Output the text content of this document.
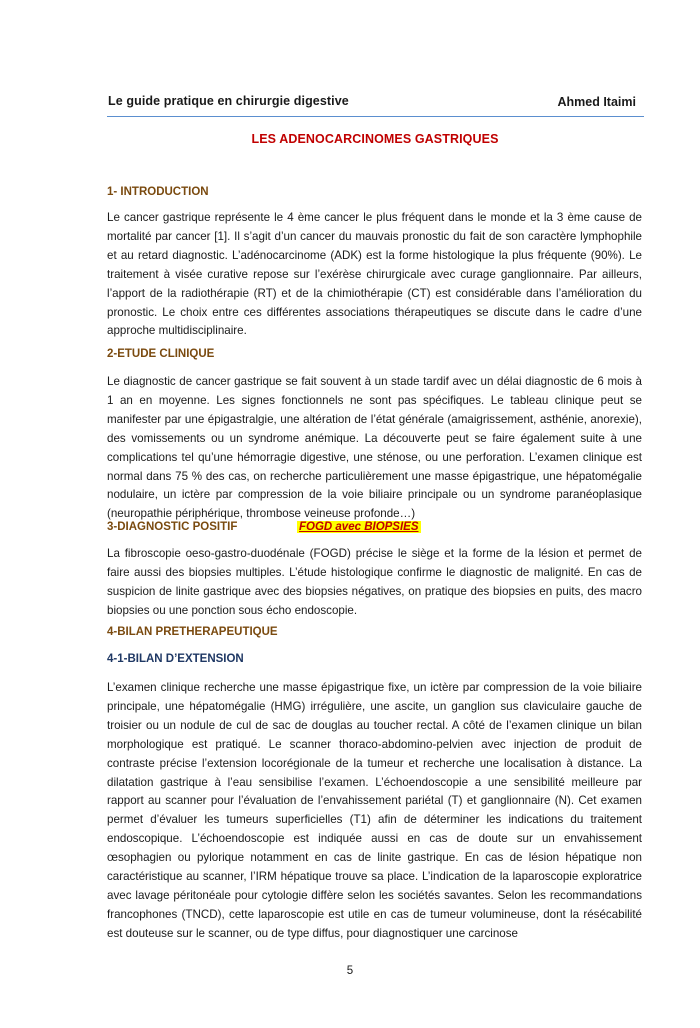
Le guide pratique en chirurgie digestive	Ahmed Itaimi
LES ADENOCARCINOMES GASTRIQUES
1- INTRODUCTION

Le cancer gastrique représente le 4 ème cancer le plus fréquent dans le monde et la 3 ème cause de mortalité par cancer [1]. Il s’agit d’un cancer du mauvais pronostic du fait de son caractère lymphophile et au retard diagnostic. L’adénocarcinome (ADK) est la forme histologique la plus fréquente (90%). Le traitement à visée curative repose sur l’exérèse chirurgicale avec curage ganglionnaire. Par ailleurs, l’apport de la radiothérapie (RT) et de la chimiothérapie (CT) est considérable dans l’amélioration du pronostic. Le choix entre ces différentes associations thérapeutiques se discute dans le cadre d’une approche multidisciplinaire.

2-ETUDE CLINIQUE

Le diagnostic de cancer gastrique se fait souvent à un stade tardif avec un délai diagnostic de 6 mois à 1 an en moyenne. Les signes fonctionnels ne sont pas spécifiques. Le tableau clinique peut se manifester par une épigastralgie, une altération de l’état générale (amaigrissement, asthénie, anorexie), des vomissements ou un syndrome anémique. La découverte peut se faire également suite à une complications tel qu’une hémorragie digestive, une sténose, ou une perforation. L’examen clinique est normal dans 75 % des cas, on recherche particulièrement une masse épigastrique, une hépatomégalie nodulaire, un ictère par compression de la voie biliaire principale ou un syndrome paranéoplasique (neuropathie périphérique, thrombose veineuse profonde…)

3-DIAGNOSTIC POSITIF	FOGD avec BIOPSIES

La fibroscopie oeso-gastro-duodénale (FOGD) précise le siège et la forme de la lésion et permet de faire aussi des biopsies multiples. L’étude histologique confirme le diagnostic de malignité. En cas de suspicion de linite gastrique avec des biopsies négatives, on pratique des biopsies en puits, des macro biopsies ou une ponction sous écho endoscopie.

4-BILAN PRETHERAPEUTIQUE
4-1-BILAN D’EXTENSION

L’examen clinique recherche une masse épigastrique fixe, un ictère par compression de la voie biliaire principale, une hépatomégalie (HMG) irrégulière, une ascite, un ganglion sus claviculaire gauche de troisier ou un nodule de cul de sac de douglas au toucher rectal. A côté de l’examen clinique un bilan morphologique est pratiqué. Le scanner thoraco-abdomino-pelvien avec injection de produit de contraste précise l’extension locorégionale de la tumeur et recherche une localisation à distance. La dilatation gastrique à l’eau sensibilise l’examen. L’échoendoscopie a une sensibilité meilleure par rapport au scanner pour l’évaluation de l’envahissement pariétal (T) et ganglionnaire (N). Cet examen permet d’évaluer les tumeurs superficielles (T1) afin de déterminer les indications du traitement endoscopique. L’échoendoscopie est indiquée aussi en cas de doute sur un envahissement œsophagien ou pylorique notamment en cas de linite gastrique. En cas de lésion hépatique non caractéristique au scanner, l’IRM hépatique trouve sa place. L’indication de la laparoscopie exploratrice avec lavage péritonéale pour cytologie diffère selon les sociétés savantes. Selon les recommandations francophones (TNCD), cette laparoscopie est utile en cas de tumeur volumineuse, dont la résécabilité est douteuse sur le scanner, ou de type diffus, pour diagnostiquer une carcinose

5
